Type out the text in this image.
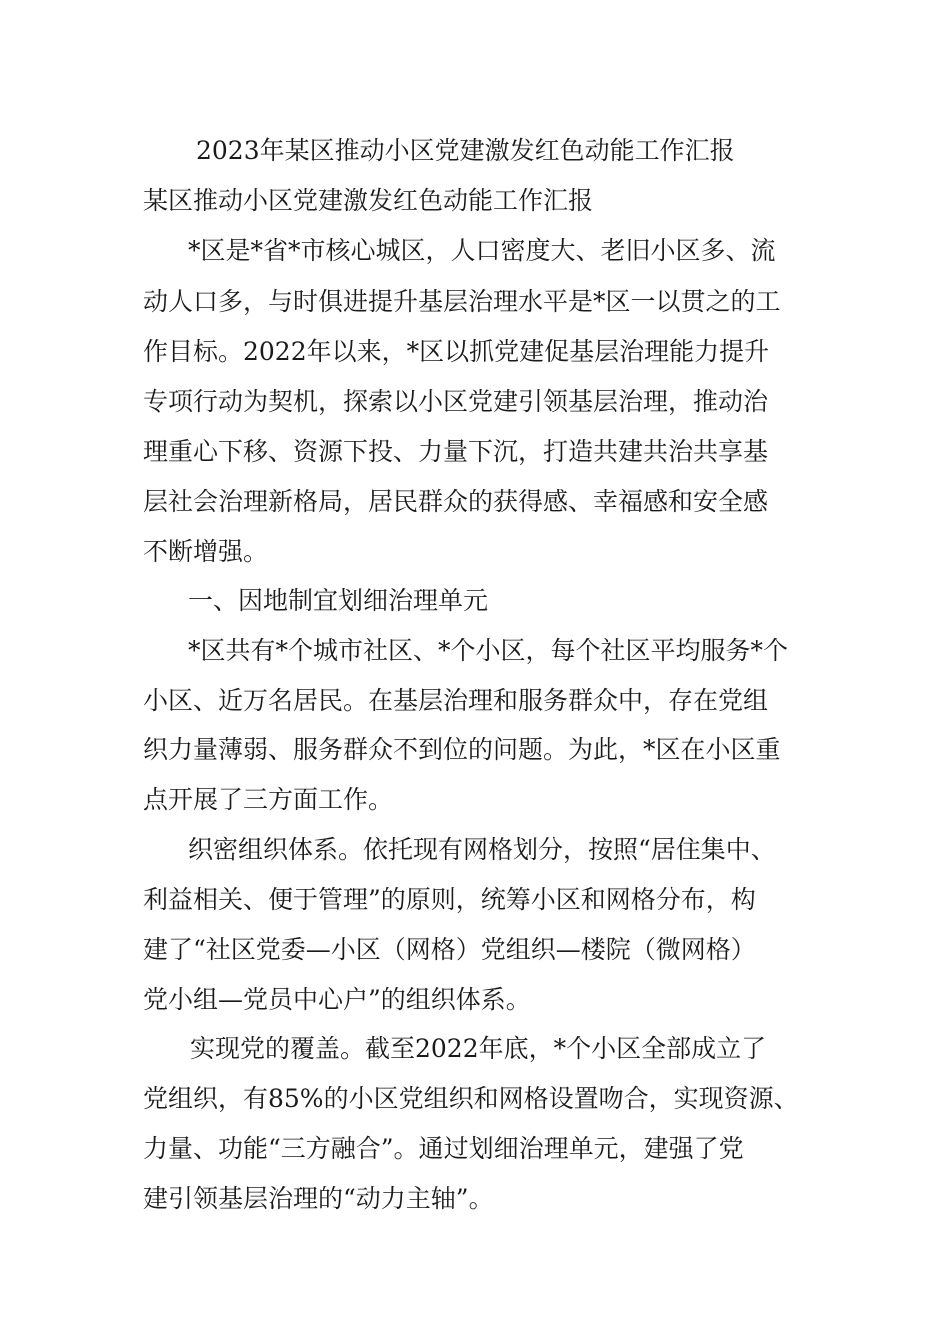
2023年某区推动小区党建激发红色动能工作汇报
某区推动小区党建激发红色动能工作汇报
*区是*省*市核心城区，人口密度大、老旧小区多、流
动人口多，与时俱进提升基层治理水平是*区一以贯之的工
作目标。2022年以来，*区以抓党建促基层治理能力提升
专项行动为契机，探索以小区党建引领基层治理，推动治
理重心下移、资源下投、力量下沉，打造共建共治共享基
层社会治理新格局，居民群众的获得感、幸福感和安全感
不断增强。
一、因地制宜划细治理单元
*区共有*个城市社区、*个小区，每个社区平均服务*个
小区、近万名居民。在基层治理和服务群众中，存在党组
织力量薄弱、服务群众不到位的问题。为此，*区在小区重
点开展了三方面工作。
织密组织体系。依托现有网格划分，按照“居住集中、
利益相关、便于管理”的原则，统筹小区和网格分布，构
建了“社区党委—小区（网格）党组织—楼院（微网格）
党小组—党员中心户”的组织体系。
实现党的覆盖。截至2022年底，*个小区全部成立了
党组织，有85%的小区党组织和网格设置吻合，实现资源、
力量、功能“三方融合”。通过划细治理单元，建强了党
建引领基层治理的“动力主轴”。
